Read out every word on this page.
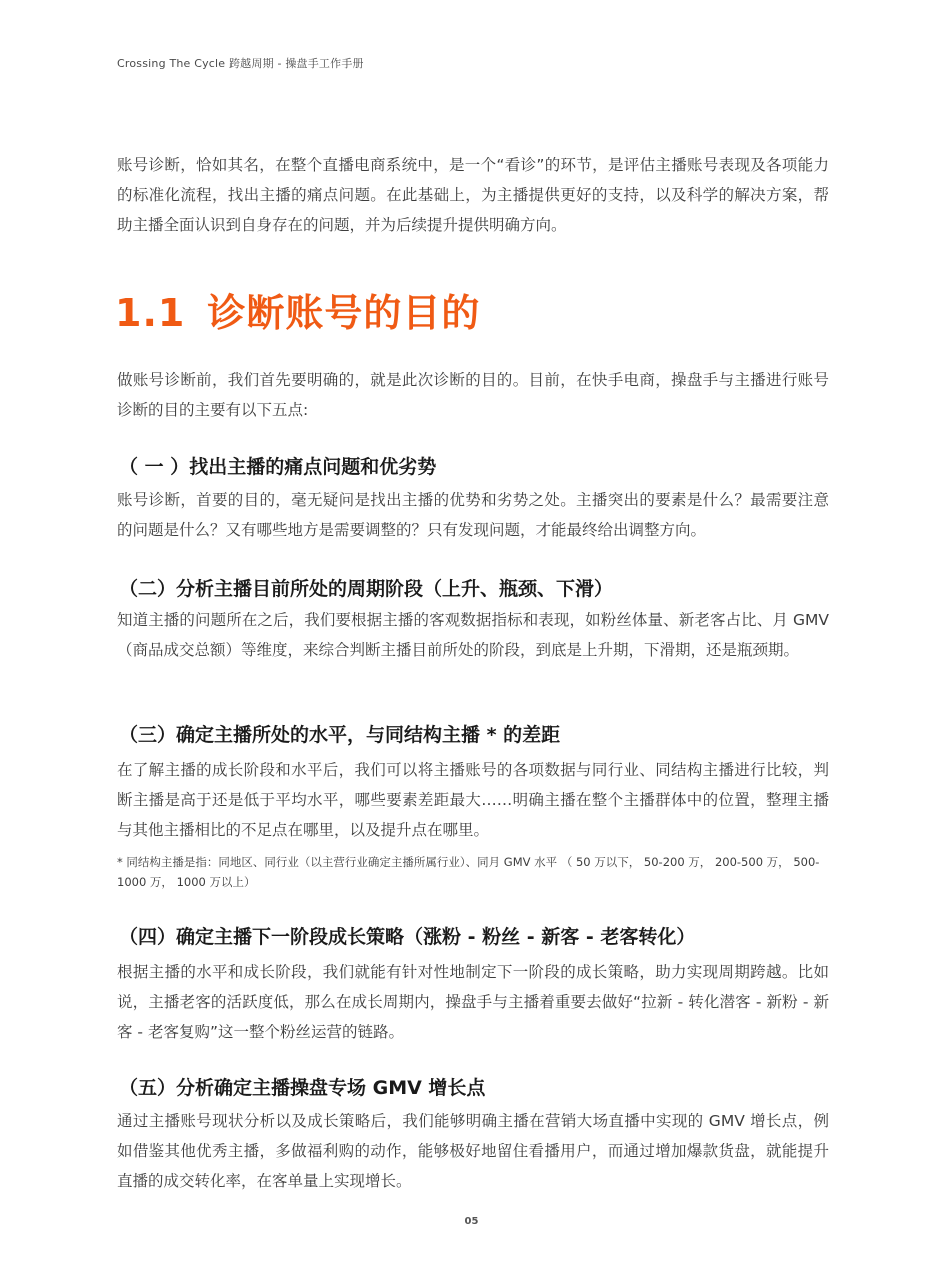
Crossing The Cycle 跨越周期 - 操盘手工作手册
账号诊断，恰如其名，在整个直播电商系统中，是一个“看诊”的环节，是评估主播账号表现及各项能力的标准化流程，找出主播的痛点问题。在此基础上，为主播提供更好的支持，以及科学的解决方案，帮助主播全面认识到自身存在的问题，并为后续提升提供明确方向。
1.1 诊断账号的目的
做账号诊断前，我们首先要明确的，就是此次诊断的目的。目前，在快手电商，操盘手与主播进行账号诊断的目的主要有以下五点:
（ 一 ）找出主播的痛点问题和优劣势
账号诊断，首要的目的，毫无疑问是找出主播的优势和劣势之处。主播突出的要素是什么？最需要注意的问题是什么？又有哪些地方是需要调整的？只有发现问题，才能最终给出调整方向。
（二）分析主播目前所处的周期阶段（上升、瓶颈、下滑）
知道主播的问题所在之后，我们要根据主播的客观数据指标和表现，如粉丝体量、新老客占比、月 GMV （商品成交总额）等维度，来综合判断主播目前所处的阶段，到底是上升期，下滑期，还是瓶颈期。
（三）确定主播所处的水平，与同结构主播 * 的差距
在了解主播的成长阶段和水平后，我们可以将主播账号的各项数据与同行业、同结构主播进行比较，判断主播是高于还是低于平均水平，哪些要素差距最大……明确主播在整个主播群体中的位置，整理主播与其他主播相比的不足点在哪里，以及提升点在哪里。
* 同结构主播是指：同地区、同行业（以主营行业确定主播所属行业）、同月 GMV 水平 （ 50 万以下， 50-200 万， 200-500 万， 500-1000 万， 1000 万以上）
（四）确定主播下一阶段成长策略（涨粉 - 粉丝 - 新客 - 老客转化）
根据主播的水平和成长阶段，我们就能有针对性地制定下一阶段的成长策略，助力实现周期跨越。比如说，主播老客的活跃度低，那么在成长周期内，操盘手与主播着重要去做好“拉新 - 转化潜客 - 新粉 - 新客 - 老客复购”这一整个粉丝运营的链路。
（五）分析确定主播操盘专场 GMV 增长点
通过主播账号现状分析以及成长策略后，我们能够明确主播在营销大场直播中实现的 GMV 增长点，例如借鉴其他优秀主播，多做福利购的动作，能够极好地留住看播用户，而通过增加爆款货盘，就能提升直播的成交转化率，在客单量上实现增长。
05
